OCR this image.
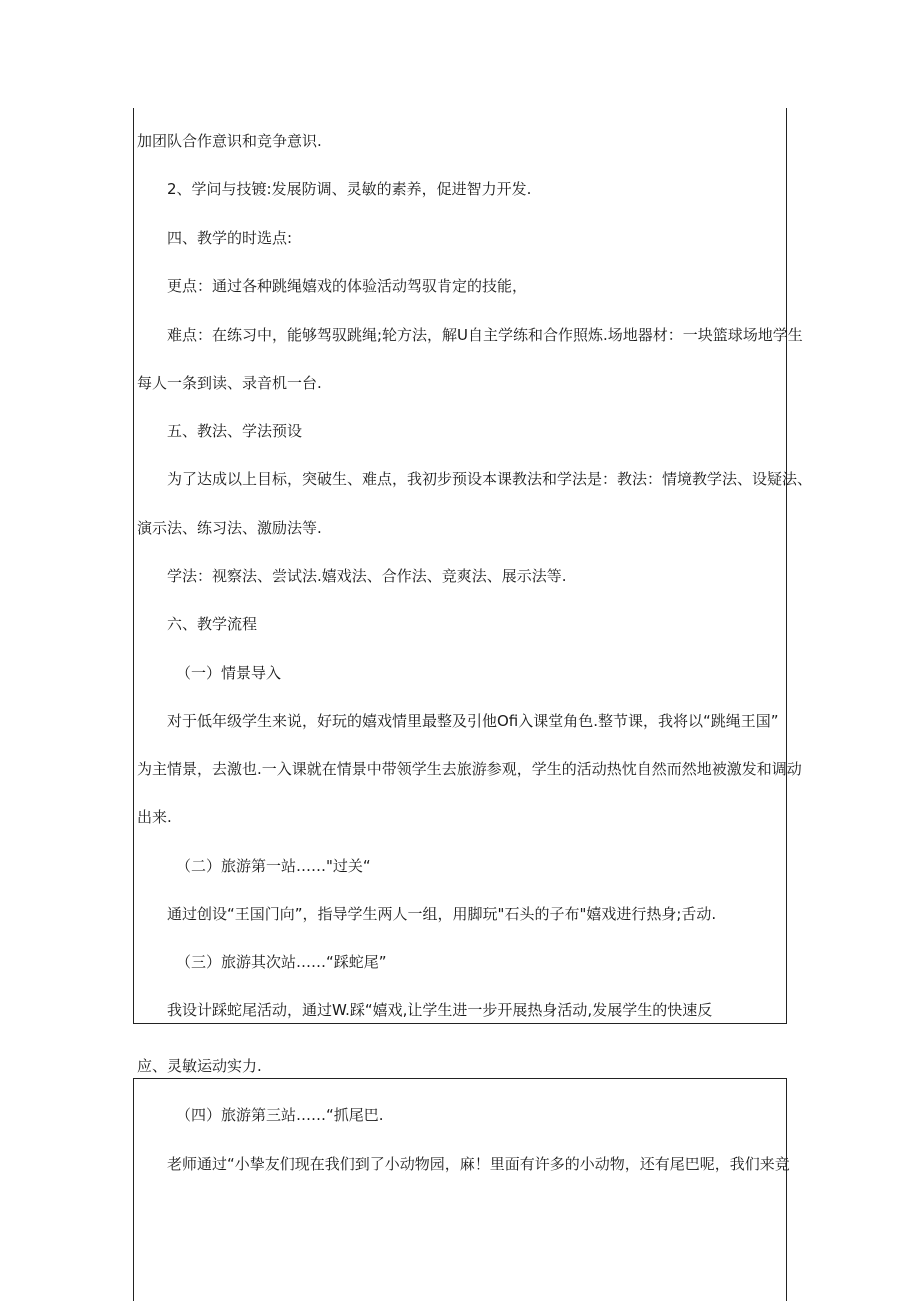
加团队合作意识和竞争意识.
2、学问与技镀:发展防调、灵敏的素养，促进智力开发.
四、教学的时选点:
更点：通过各种跳绳嬉戏的体验活动驾驭肯定的技能，
难点：在练习中，能够驾驭跳绳;轮方法，解U自主学练和合作照炼.场地器材：一块篮球场地学生
每人一条到读、录音机一台.
五、教法、学法预设
为了达成以上目标，突破生、难点，我初步预设本课教法和学法是：教法：情境教学法、设疑法、
演示法、练习法、激励法等.
学法：视察法、尝试法.嬉戏法、合作法、竞爽法、展示法等.
六、教学流程
（一）情景导入
对于低年级学生来说，好玩的嬉戏情里最整及引他Ofi入课堂角色.整节课，我将以“跳绳王国”
为主情景，去激也.一入课就在情景中带领学生去旅游参观，学生的活动热忱自然而然地被激发和调动
出来.
（二）旅游第一站……"过关“
通过创设“王国门向”，指导学生两人一组，用脚玩"石头的子布"嬉戏进行热身;舌动.
（三）旅游其次站……“踩蛇尾”
我设计踩蛇尾活动，通过W.踩“嬉戏,让学生进一步开展热身活动,发展学生的快速反
应、灵敏运动实力.
（四）旅游第三站……“抓尾巴.
老师通过“小挚友们现在我们到了小动物园，麻！里面有许多的小动物，还有尾巴呢，我们来竞
